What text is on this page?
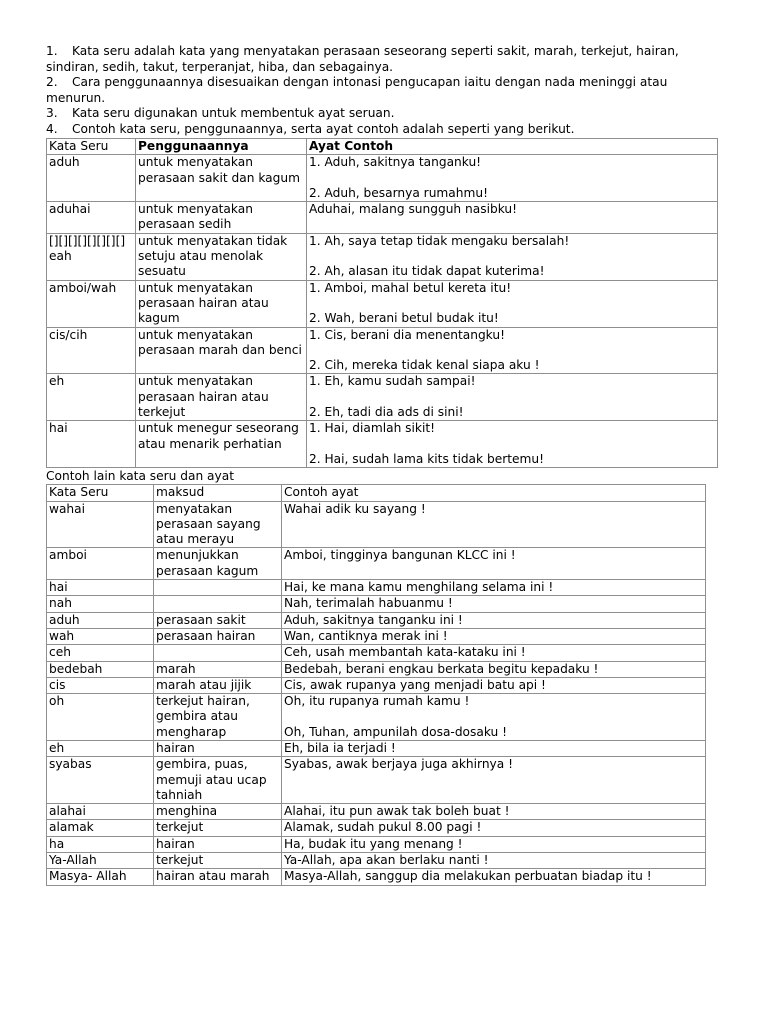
1. Kata seru adalah kata yang menyatakan perasaan seseorang seperti sakit, marah, terkejut, hairan, sindiran, sedih, takut, terperanjat, hiba, dan sebagainya.

2. Cara penggunaannya disesuaikan dengan intonasi pengucapan iaitu dengan nada meninggi atau menurun.

3. Kata seru digunakan untuk membentuk ayat seruan.

4. Contoh kata seru, penggunaannya, serta ayat contoh adalah seperti yang berikut.

Kata Seru	Penggunaannya	Ayat Contoh
aduh	untuk menyatakan perasaan sakit dan kagum	1. Aduh, sakitnya tanganku!
2. Aduh, besarnya rumahmu!

aduhai	untuk menyatakan perasaan sedih	Aduhai, malang sungguh nasibku!

[][][][][][][][] eah	untuk menyatakan tidak setuju atau menolak sesuatu	1. Ah, saya tetap tidak mengaku bersalah!
2. Ah, alasan itu tidak dapat kuterima!

amboi/wah	untuk menyatakan perasaan hairan atau kagum	1. Amboi, mahal betul kereta itu!
2. Wah, berani betul budak itu!

cis/cih	untuk menyatakan perasaan marah dan benci	1. Cis, berani dia menentangku!
2. Cih, mereka tidak kenal siapa aku !

eh	untuk menyatakan perasaan hairan atau terkejut	1. Eh, kamu sudah sampai!
2. Eh, tadi dia ads di sini!

hai	untuk menegur seseorang atau menarik perhatian	1. Hai, diamlah sikit!
2. Hai, sudah lama kits tidak bertemu!
Contoh lain kata seru dan ayat
Kata Seru	maksud	Contoh ayat
wahai	menyatakan perasaan sayang atau merayu	Wahai adik ku sayang !

amboi	menunjukkan perasaan kagum	Amboi, tingginya bangunan KLCC ini !

hai		Hai, ke mana kamu menghilang selama ini !

nah		Nah, terimalah habuanmu !

aduh	perasaan sakit	Aduh, sakitnya tanganku ini !

wah	perasaan hairan	Wan, cantiknya merak ini !

ceh		Ceh, usah membantah kata-kataku ini !

bedebah	marah	Bedebah, berani engkau berkata begitu kepadaku !

cis	marah atau jijik	Cis, awak rupanya yang menjadi batu api !

oh	terkejut hairan, gembira atau mengharap	Oh, itu rupanya rumah kamu !
Oh, Tuhan, ampunilah dosa-dosaku !

eh	hairan	Eh, bila ia terjadi !

syabas	gembira, puas, memuji atau ucap tahniah	Syabas, awak berjaya juga akhirnya !

alahai	menghina	Alahai, itu pun awak tak boleh buat !

alamak	terkejut	Alamak, sudah pukul 8.00 pagi !

ha	hairan	Ha, budak itu yang menang !

Ya-Allah	terkejut	Ya-Allah, apa akan berlaku nanti !

Masya- Allah	hairan atau marah	Masya-Allah, sanggup dia melakukan perbuatan biadap itu !
